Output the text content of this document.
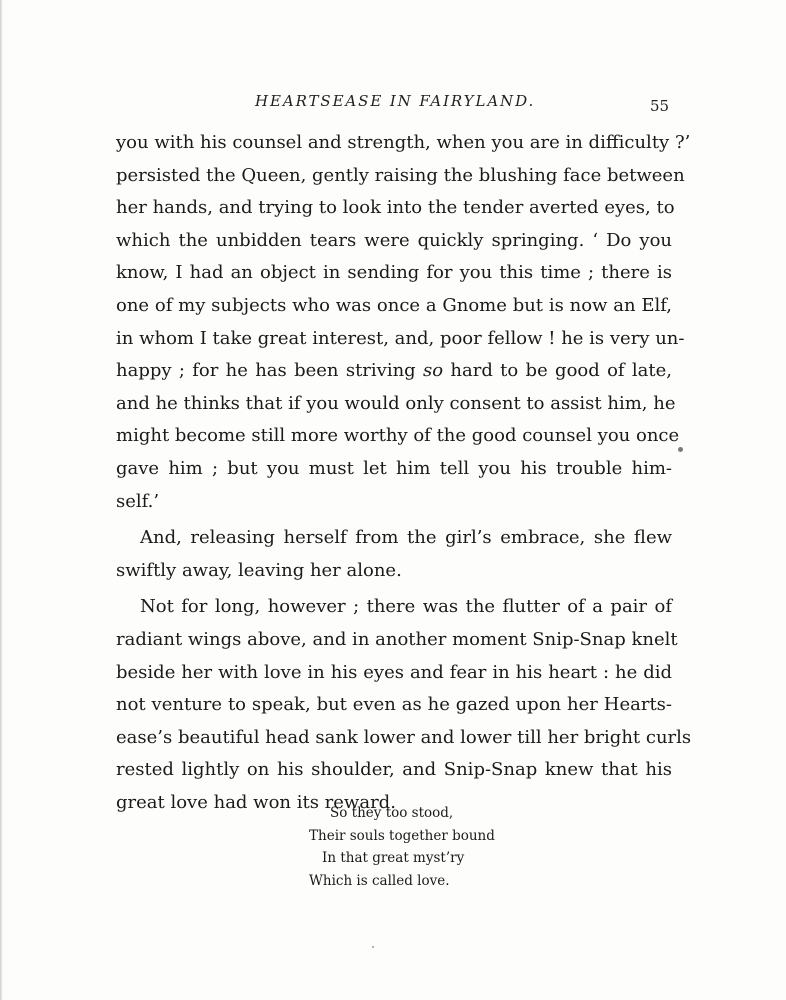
HEARTSEASE IN FAIRYLAND.	55
you with his counsel and strength, when you are in difficulty ?’
persisted the Queen, gently raising the blushing face between
her hands, and trying to look into the tender averted eyes, to
which the unbidden tears were quickly springing. ‘ Do you
know, I had an object in sending for you this time ; there is
one of my subjects who was once a Gnome but is now an Elf,
in whom I take great interest, and, poor fellow ! he is very un-
happy ; for he has been striving so hard to be good of late,
and he thinks that if you would only consent to assist him, he
might become still more worthy of the good counsel you once
gave him ; but you must let him tell you his trouble him-
self.’
And, releasing herself from the girl’s embrace, she flew
swiftly away, leaving her alone.
Not for long, however ; there was the flutter of a pair of
radiant wings above, and in another moment Snip-Snap knelt
beside her with love in his eyes and fear in his heart : he did
not venture to speak, but even as he gazed upon her Hearts-
ease’s beautiful head sank lower and lower till her bright curls
rested lightly on his shoulder, and Snip-Snap knew that his
great love had won its reward.
So they too stood,
Their souls together bound
In that great myst’ry
Which is called love.
